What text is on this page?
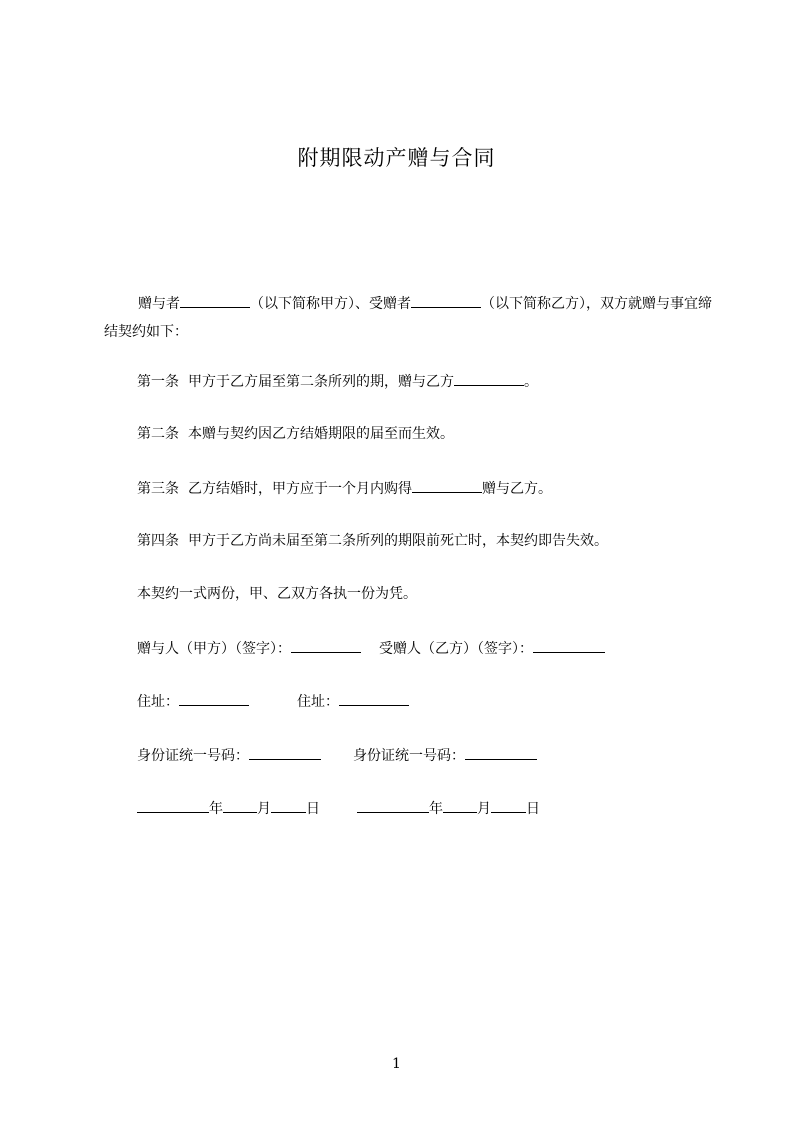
附期限动产赠与合同
赠与者	（以下简称甲方）、受赠者	（以下简称乙方），双方就赠与事宜缔结契约如下：
第一条 甲方于乙方届至第二条所列的期，赠与乙方	。
第二条 本赠与契约因乙方结婚期限的届至而生效。
第三条 乙方结婚时，甲方应于一个月内购得	赠与乙方。
第四条 甲方于乙方尚未届至第二条所列的期限前死亡时，本契约即告失效。
本契约一式两份，甲、乙双方各执一份为凭。
赠与人（甲方）（签字）：	受赠人（乙方）（签字）：
住址：	住址：
身份证统一号码：	身份证统一号码：
年 月	日	年 月	日
1
